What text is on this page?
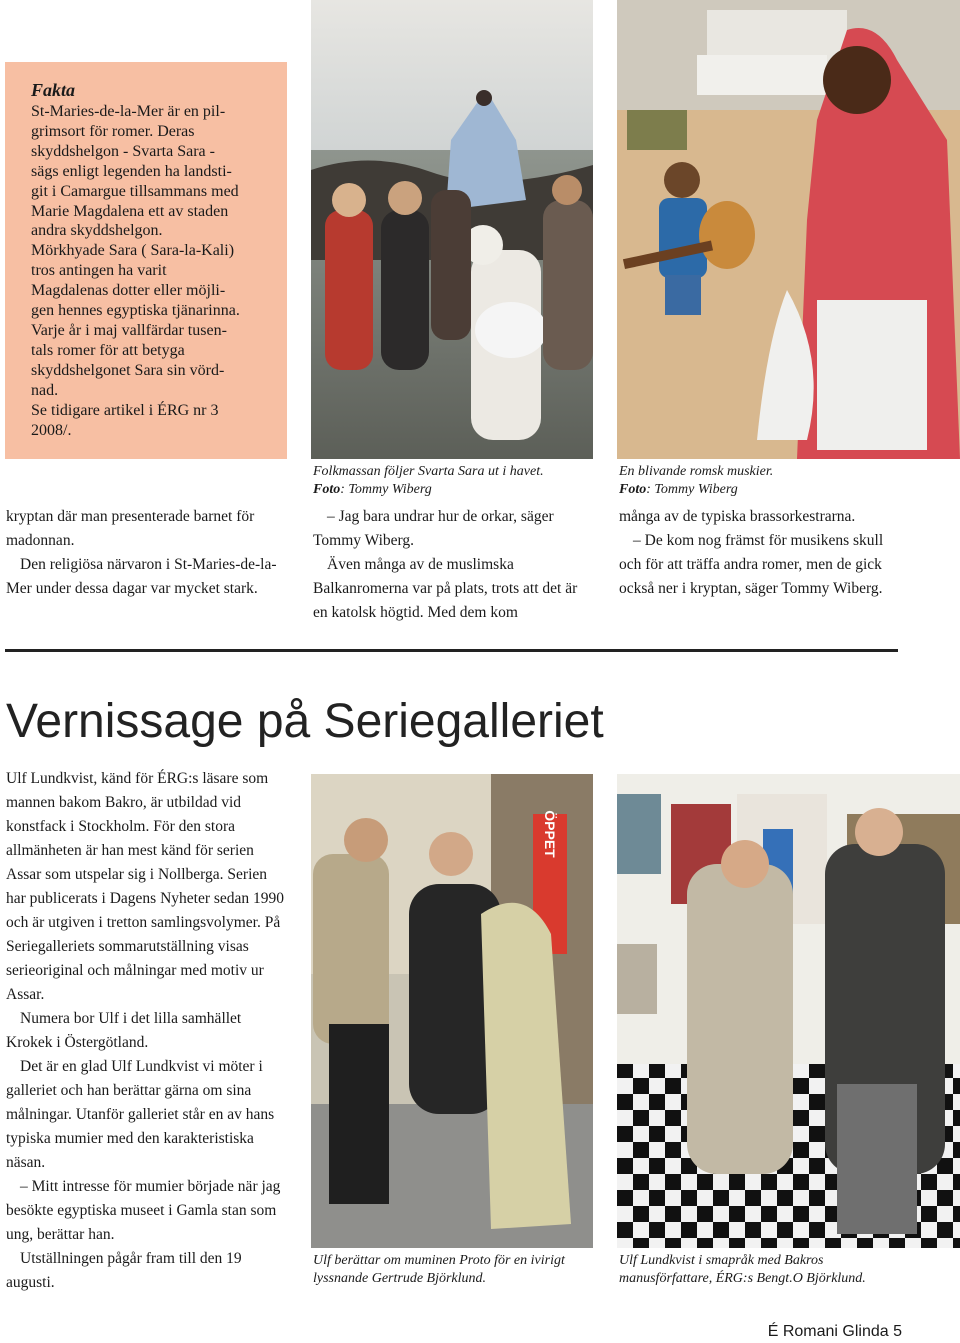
Fakta

St-Maries-de-la-Mer är en pil-

grimsort för romer. Deras

skyddshelgon - Svarta Sara -

sägs enligt legenden ha landsti-

git i Camargue tillsammans med

Marie Magdalena ett av staden

andra skyddshelgon.

Mörkhyade Sara ( Sara-la-Kali)

tros antingen ha varit

Magdalenas dotter eller möjli-

gen hennes egyptiska tjänarinna.

Varje år i maj vallfärdar tusen-

tals romer för att betyga

skyddshelgonet Sara sin vörd-

nad.

Se tidigare artikel i ÉRG nr 3

2008/.

kryptan där man presenterade barnet för madonnan.

Den religiösa närvaron i St-Maries-de-la-Mer under dessa dagar var mycket stark.

Folkmassan följer Svarta Sara ut i havet.
Foto: Tommy Wiberg

– Jag bara undrar hur de orkar, säger Tommy Wiberg.

Även många av de muslimska Balkanromerna var på plats, trots att det är en katolsk högtid. Med dem kom

En blivande romsk muskier.
Foto: Tommy Wiberg

många av de typiska brassorkestrarna.

– De kom nog främst för musikens skull och för att träffa andra romer, men de gick också ner i kryptan, säger Tommy Wiberg.

Vernissage på Seriegalleriet

Ulf Lundkvist, känd för ÉRG:s läsare som mannen bakom Bakro, är utbildad vid konstfack i Stockholm. För den stora allmänheten är han mest känd för serien Assar som utspelar sig i Nollberga. Serien har publicerats i Dagens Nyheter sedan 1990 och är utgiven i tretton samlingsvolymer. På Seriegalleriets sommarutställning visas serieoriginal och målningar med motiv ur Assar.

Numera bor Ulf i det lilla samhället Krokek i Östergötland.

Det är en glad Ulf Lundkvist vi möter i galleriet och han berättar gärna om sina målningar. Utanför galleriet står en av hans typiska mumier med den karakteristiska näsan.

– Mitt intresse för mumier började när jag besökte egyptiska museet i Gamla stan som ung, berättar han.

Utställningen pågår fram till den 19 augusti.

ÖPPET
Ulf berättar om muminen Proto för en ivirigt lyssnande Gertrude Björklund.
Ulf Lundkvist i smapråk med Bakros manusförfattare, ÉRG:s Bengt.O Björklund.
É Romani Glinda 5
